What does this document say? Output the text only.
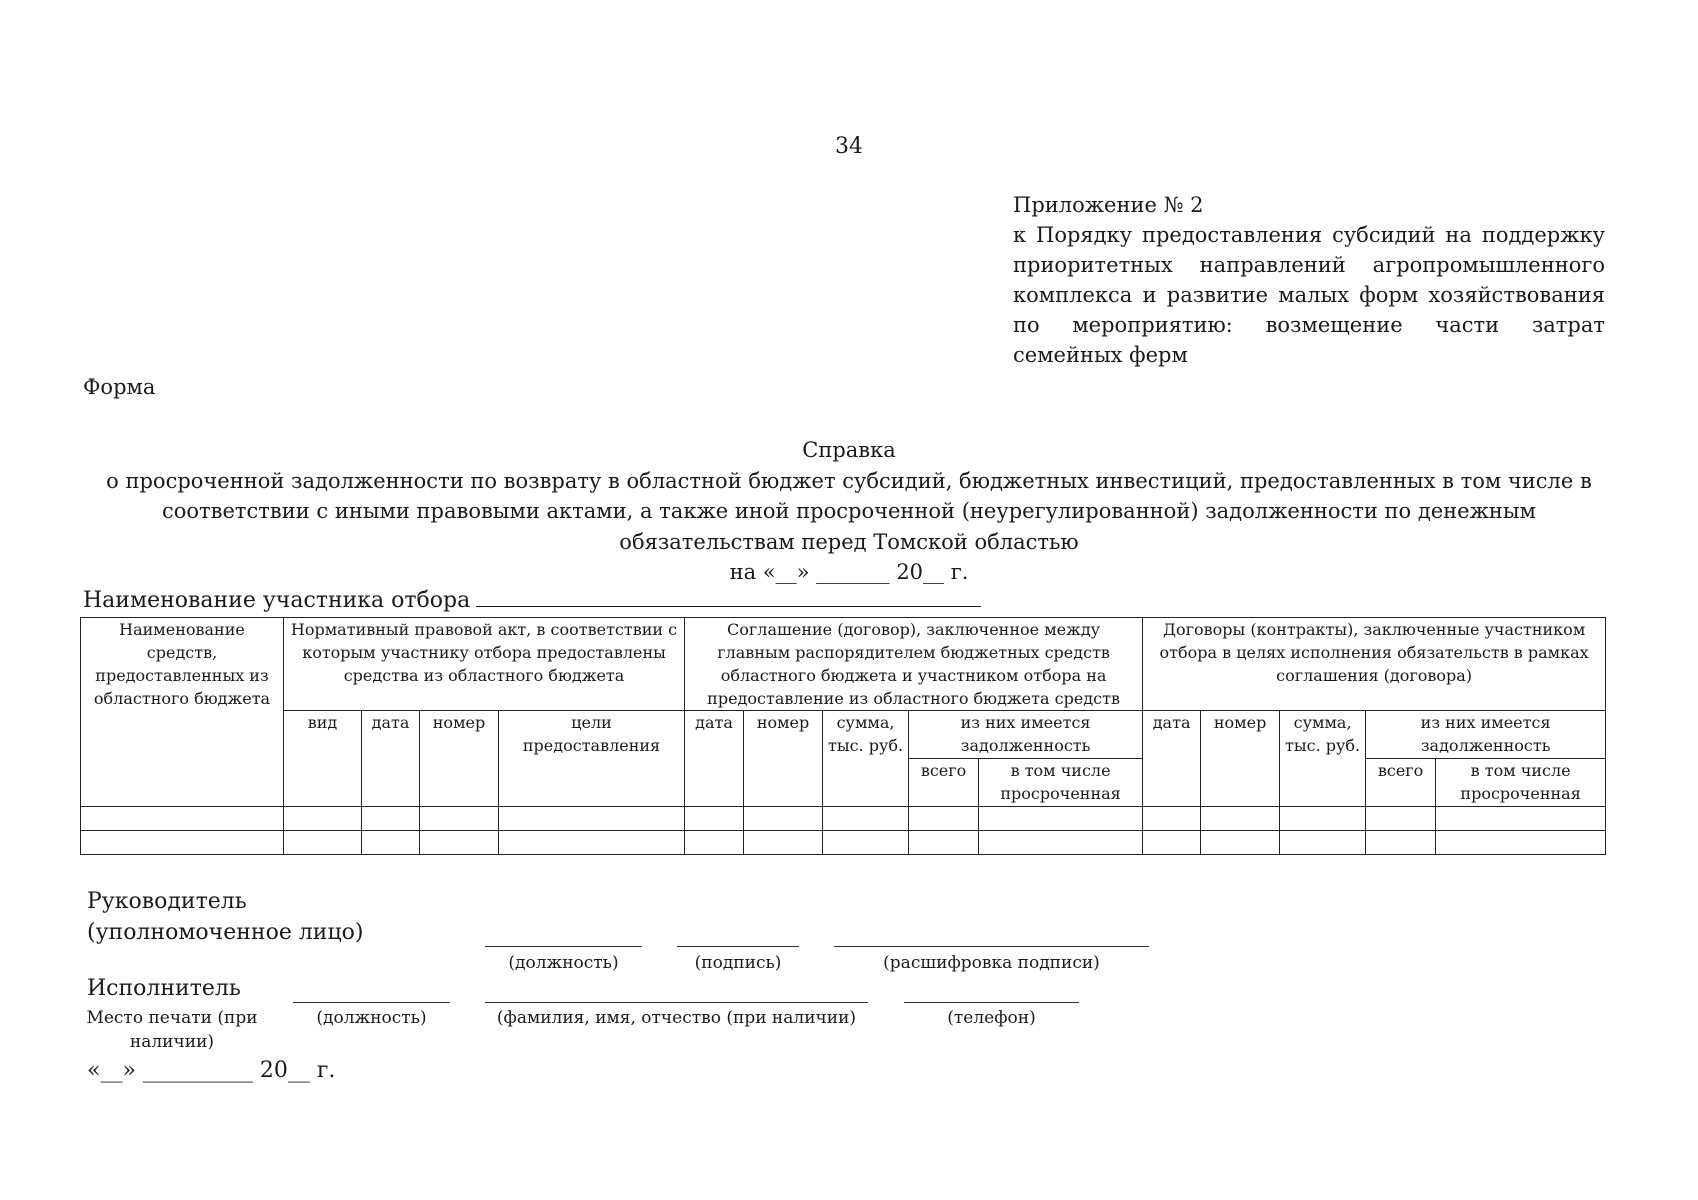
34
Приложение № 2
к Порядку предоставления субсидий на поддержку
приоритетных направлений агропромышленного
комплекса и развитие малых форм хозяйствования
по мероприятию: возмещение части затрат
семейных ферм
Форма
Справка
о просроченной задолженности по возврату в областной бюджет субсидий, бюджетных инвестиций, предоставленных в том числе в
соответствии с иными правовыми актами, а также иной просроченной (неурегулированной) задолженности по денежным
обязательствам перед Томской областью
на «__» _______ 20__ г.
Наименование участника отбора
Наименование средств, предоставленных из областного бюджета	Нормативный правовой акт, в соответствии с которым участнику отбора предоставлены средства из областного бюджета				Соглашение (договор), заключенное между главным распорядителем бюджетных средств областного бюджета и участником отбора на предоставление из областного бюджета средств					Договоры (контракты), заключенные участником отбора в целях исполнения обязательств в рамках соглашения (договора)				
	вид	дата	номер	цели предоставления	дата	номер	сумма, тыс. руб.	из них имеется задолженность		дата	номер	сумма, тыс. руб.	из них имеется задолженность	
								всего	в том числе просроченная				всего	в том числе просроченная

Руководитель
(уполномоченное лицо)
(должность)	(подпись)	(расшифровка подписи)
Исполнитель
Место печати (при наличии)
(должность)	(фамилия, имя, отчество (при наличии)	(телефон)
«__» __________ 20__ г.
